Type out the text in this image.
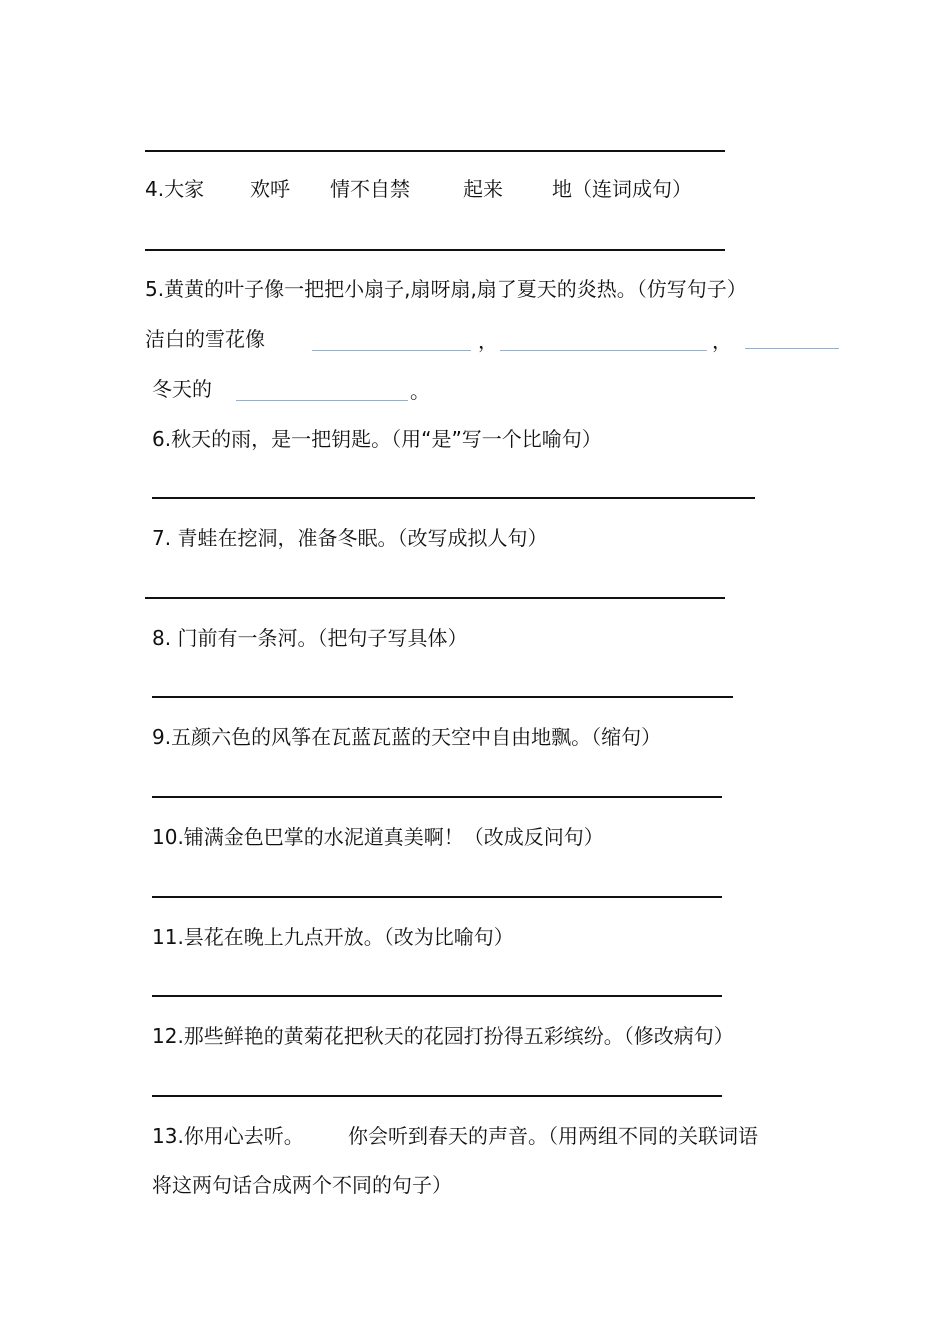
4.大家 欢呼 情不自禁	起来 地（连词成句）
5.黄黄的叶子像一把把小扇子,扇呀扇,扇了夏天的炎热。（仿写句子）
洁白的雪花像	，	，
冬天的	。
6.秋天的雨，是一把钥匙。（用“是”写一个比喻句）
7. 青蛙在挖洞，准备冬眠。（改写成拟人句）
8. 门前有一条河。（把句子写具体）
9.五颜六色的风筝在瓦蓝瓦蓝的天空中自由地飘。（缩句）
10.铺满金色巴掌的水泥道真美啊！（改成反问句）
11.昙花在晚上九点开放。（改为比喻句）
12.那些鲜艳的黄菊花把秋天的花园打扮得五彩缤纷。（修改病句）
13.你用心去听。 你会听到春天的声音。（用两组不同的关联词语
将这两句话合成两个不同的句子）
